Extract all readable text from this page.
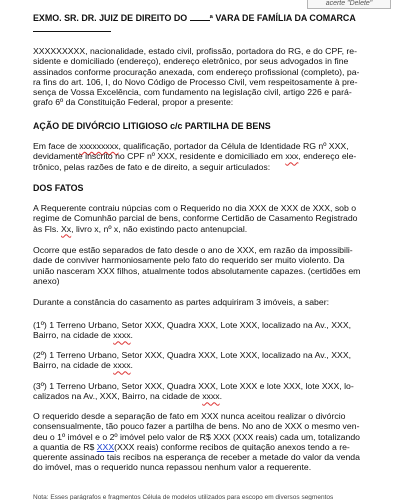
acerte "Delete"
EXMO. SR. DR. JUIZ DE DIREITO DO ª VARA DE FAMÍLIA DA COMARCA
XXXXXXXXX, nacionalidade, estado civil, profissão, portadora do RG, e do CPF, re-
sidente e domiciliado (endereço), endereço eletrônico, por seus advogados in fine
assinados conforme procuração anexada, com endereço profissional (completo), pa-
ra fins do art. 106, I, do Novo Código de Processo Civil, vem respeitosamente à pre-
sença de Vossa Excelência, com fundamento na legislação civil, artigo 226 e pará-
grafo 6º da Constituição Federal, propor a presente:
AÇÃO DE DIVÓRCIO LITIGIOSO c/c PARTILHA DE BENS
Em face de xxxxxxxxx, qualificação, portador da Célula de Identidade RG nº XXX,
devidamente inscrito no CPF nº XXX, residente e domiciliado em xxx, endereço ele-
trônico, pelas razões de fato e de direito, a seguir articulados:
DOS FATOS
A Requerente contraiu núpcias com o Requerido no dia XXX de XXX de XXX, sob o
regime de Comunhão parcial de bens, conforme Certidão de Casamento Registrado
às Fls. Xx, livro x, nº x, não existindo pacto antenupcial.
Ocorre que estão separados de fato desde o ano de XXX, em razão da impossibili-
dade de conviver harmoniosamente pelo fato do requerido ser muito violento. Da
união nasceram XXX filhos, atualmente todos absolutamente capazes. (certidões em
anexo)
Durante a constância do casamento as partes adquiriram 3 imóveis, a saber:
(1º) 1 Terreno Urbano, Setor XXX, Quadra XXX, Lote XXX, localizado na Av., XXX,
Bairro, na cidade de xxxx.
(2º) 1 Terreno Urbano, Setor XXX, Quadra XXX, Lote XXX, localizado na Av., XXX,
Bairro, na cidade de xxxx.
(3º) 1 Terreno Urbano, Setor XXX, Quadra XXX, Lote XXX e lote XXX, lote XXX, lo-
calizados na Av., XXX, Bairro, na cidade de xxxx.
O requerido desde a separação de fato em XXX nunca aceitou realizar o divórcio
consensualmente, tão pouco fazer a partilha de bens. No ano de XXX o mesmo ven-
deu o 1º imóvel e o 2º imóvel pelo valor de R$ XXX (XXX reais) cada um, totalizando
a quantia de R$ XXX(XXX reais) conforme recibos de quitação anexos tendo a re-
querente assinado tais recibos na esperança de receber a metade do valor da venda
do imóvel, mas o requerido nunca repassou nenhum valor a requerente.
Nota: Esses parágrafos e fragmentos Célula de modelos utilizados para escopo em diversos segmentos
